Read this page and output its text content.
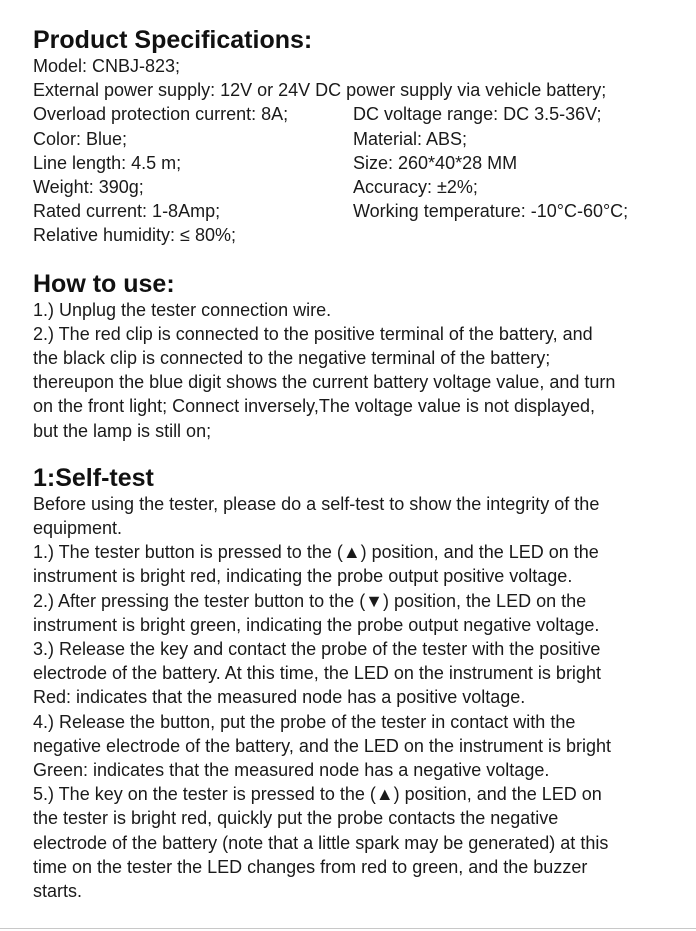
Product Specifications:
Model: CNBJ-823;
External power supply: 12V or 24V DC power supply via vehicle battery;
Overload protection current: 8A;	DC voltage range: DC 3.5-36V;
Color: Blue;	Material: ABS;
Line length: 4.5 m;	Size: 260*40*28 MM
Weight: 390g;	Accuracy: ±2%;
Rated current: 1-8Amp;	Working temperature: -10°C-60°C;
Relative humidity: ≤ 80%;
How to use:
1.) Unplug the tester connection wire.
2.) The red clip is connected to the positive terminal of the battery, and
the black clip is connected to the negative terminal of the battery;
thereupon the blue digit shows the current battery voltage value, and turn
on the front light; Connect inversely,The voltage value is not displayed,
but the lamp is still on;
1:Self-test
Before using the tester, please do a self-test to show the integrity of the
equipment.
1.) The tester button is pressed to the (▲) position, and the LED on the
instrument is bright red, indicating the probe output positive voltage.
2.) After pressing the tester button to the (▼) position, the LED on the
instrument is bright green, indicating the probe output negative voltage.
3.) Release the key and contact the probe of the tester with the positive
electrode of the battery. At this time, the LED on the instrument is bright
Red: indicates that the measured node has a positive voltage.
4.) Release the button, put the probe of the tester in contact with the
negative electrode of the battery, and the LED on the instrument is bright
Green: indicates that the measured node has a negative voltage.
5.) The key on the tester is pressed to the (▲) position, and the LED on
the tester is bright red, quickly put the probe contacts the negative
electrode of the battery (note that a little spark may be generated) at this
time on the tester the LED changes from red to green, and the buzzer
starts.
